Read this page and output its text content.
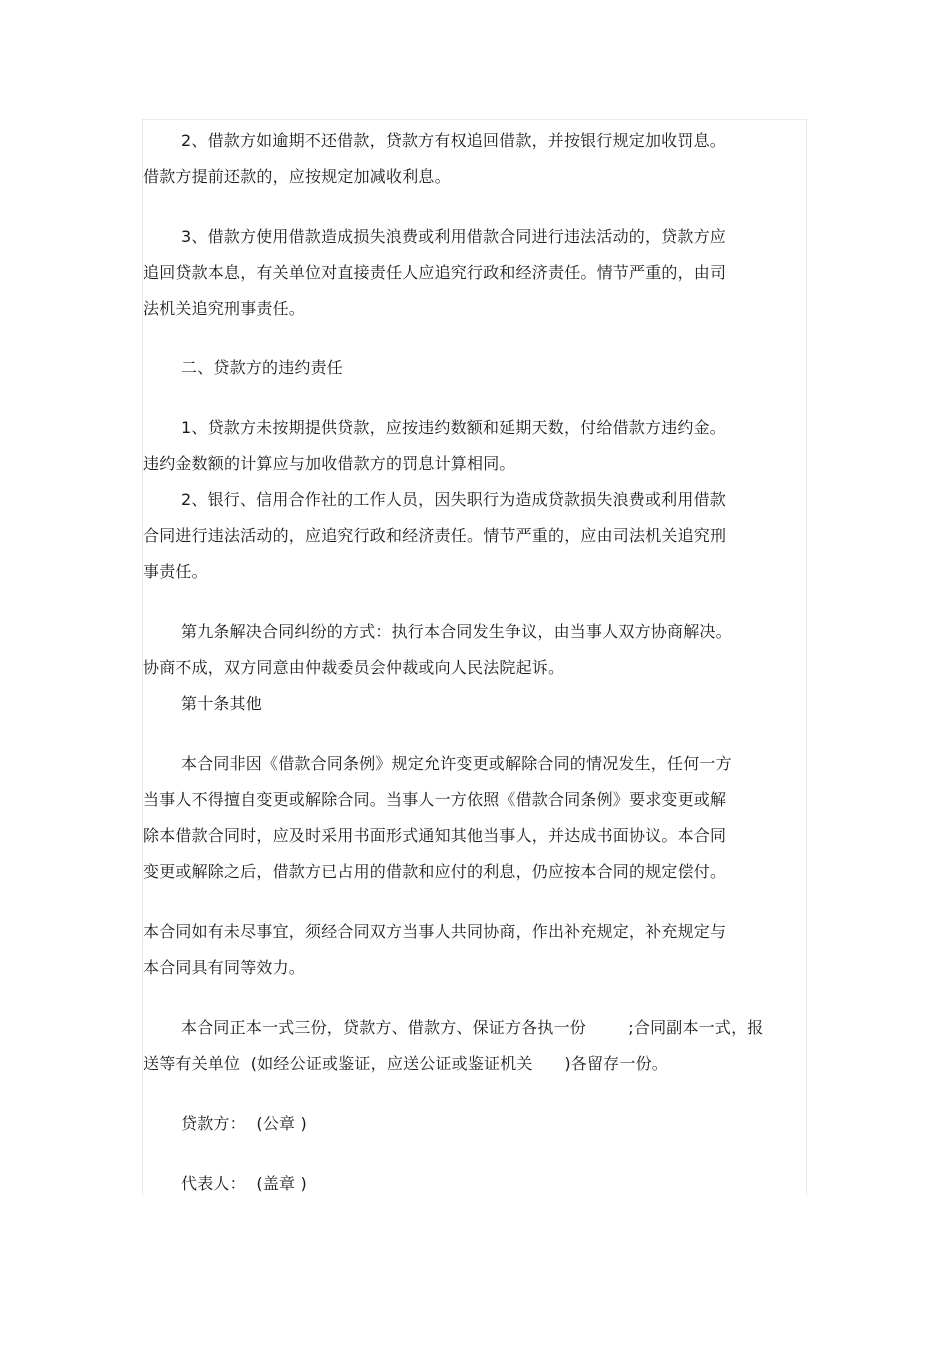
2、借款方如逾期不还借款，贷款方有权追回借款，并按银行规定加收罚息。
借款方提前还款的，应按规定加减收利息。
3、借款方使用借款造成损失浪费或利用借款合同进行违法活动的，贷款方应
追回贷款本息，有关单位对直接责任人应追究行政和经济责任。情节严重的，由司
法机关追究刑事责任。
二、贷款方的违约责任
1、贷款方未按期提供贷款，应按违约数额和延期天数，付给借款方违约金。
违约金数额的计算应与加收借款方的罚息计算相同。
2、银行、信用合作社的工作人员，因失职行为造成贷款损失浪费或利用借款
合同进行违法活动的，应追究行政和经济责任。情节严重的，应由司法机关追究刑
事责任。
第九条解决合同纠纷的方式：执行本合同发生争议，由当事人双方协商解决。
协商不成，双方同意由仲裁委员会仲裁或向人民法院起诉。
第十条其他
本合同非因《借款合同条例》规定允许变更或解除合同的情况发生，任何一方
当事人不得擅自变更或解除合同。当事人一方依照《借款合同条例》要求变更或解
除本借款合同时，应及时采用书面形式通知其他当事人，并达成书面协议。本合同
变更或解除之后，借款方已占用的借款和应付的利息，仍应按本合同的规定偿付。
本合同如有未尽事宜，须经合同双方当事人共同协商，作出补充规定，补充规定与
本合同具有同等效力。
本合同正本一式三份，贷款方、借款方、保证方各执一份        ;合同副本一式，报
送等有关单位  (如经公证或鉴证，应送公证或鉴证机关      )各留存一份。
贷款方：  (公章 )
代表人：  (盖章 )
